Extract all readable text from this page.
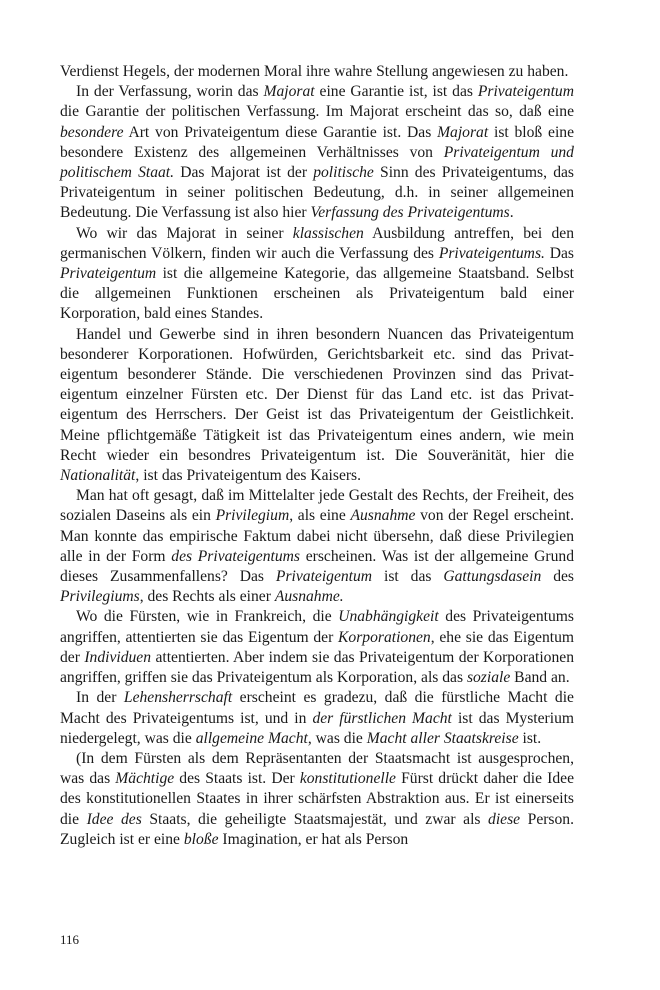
Verdienst Hegels, der modernen Moral ihre wahre Stellung angewiesen zu haben.

In der Verfassung, worin das Majorat eine Garantie ist, ist das Privateigentum die Garantie der politischen Verfassung. Im Majorat erscheint das so, daß eine besondere Art von Privateigentum diese Garantie ist. Das Majorat ist bloß eine besondere Existenz des allgemeinen Verhältnisses von Privateigentum und politischem Staat. Das Majorat ist der politische Sinn des Privateigentums, das Privateigentum in seiner politischen Bedeutung, d.h. in seiner allgemeinen Bedeutung. Die Verfassung ist also hier Verfassung des Privateigentums.

Wo wir das Majorat in seiner klassischen Ausbildung antreffen, bei den germanischen Völkern, finden wir auch die Verfassung des Privateigentums. Das Privateigentum ist die allgemeine Kategorie, das allgemeine Staatsband. Selbst die allgemeinen Funktionen erscheinen als Privateigentum bald einer Korporation, bald eines Standes.

Handel und Gewerbe sind in ihren besondern Nuancen das Privateigentum besonderer Korporationen. Hofwürden, Gerichtsbarkeit etc. sind das Privateigentum besonderer Stände. Die verschiedenen Provinzen sind das Privateigentum einzelner Fürsten etc. Der Dienst für das Land etc. ist das Privateigentum des Herrschers. Der Geist ist das Privateigentum der Geistlichkeit. Meine pflichtgemäße Tätigkeit ist das Privateigentum eines andern, wie mein Recht wieder ein besondres Privateigentum ist. Die Souveränität, hier die Nationalität, ist das Privateigentum des Kaisers.

Man hat oft gesagt, daß im Mittelalter jede Gestalt des Rechts, der Freiheit, des sozialen Daseins als ein Privilegium, als eine Ausnahme von der Regel erscheint. Man konnte das empirische Faktum dabei nicht übersehn, daß diese Privilegien alle in der Form des Privateigentums erscheinen. Was ist der allgemeine Grund dieses Zusammenfallens? Das Privateigentum ist das Gattungsdasein des Privilegiums, des Rechts als einer Ausnahme.

Wo die Fürsten, wie in Frankreich, die Unabhängigkeit des Privateigentums angriffen, attentierten sie das Eigentum der Korporationen, ehe sie das Eigentum der Individuen attentierten. Aber indem sie das Privateigentum der Korporationen angriffen, griffen sie das Privateigentum als Korporation, als das soziale Band an.

In der Lehensherrschaft erscheint es gradezu, daß die fürstliche Macht die Macht des Privateigentums ist, und in der fürstlichen Macht ist das Mysterium niedergelegt, was die allgemeine Macht, was die Macht aller Staatskreise ist.

(In dem Fürsten als dem Repräsentanten der Staatsmacht ist ausgesprochen, was das Mächtige des Staats ist. Der konstitutionelle Fürst drückt daher die Idee des konstitutionellen Staates in ihrer schärfsten Abstraktion aus. Er ist einerseits die Idee des Staats, die geheiligte Staatsmajestät, und zwar als diese Person. Zugleich ist er eine bloße Imagination, er hat als Person

116
